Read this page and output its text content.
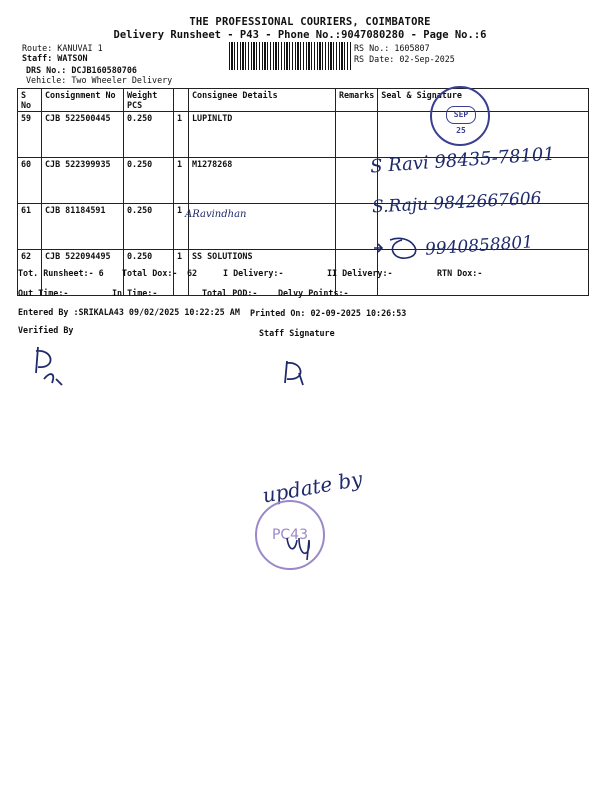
THE PROFESSIONAL COURIERS, COIMBATORE
Delivery Runsheet - P43 - Phone No.:9047080280 - Page No.:6
Route: KANUVAI 1
Staff: WATSON
DRS No.: DCJB160580706
Vehicle: Two Wheeler Delivery
RS No.: 1605807
RS Date: 02-Sep-2025
S No	Consignment No	Weight PCS		Consignee Details	Remarks	Seal & Signature
59	CJB 522500445	0.250	1	LUPINLTD		
60	CJB 522399935	0.250	1	M1278268		
61	CJB 81184591	0.250	1			
62	CJB 522094495	0.250	1	SS SOLUTIONS		
SEP 25
S Ravi 98435-78101
S.Raju 9842667606
ARavindhan
9940858801
Tot. Runsheet:- 6 Total Dox:- 62	I Delivery:-	II Delivery:-	RTN Dox:-
Out Time:-	In Time:-	Total POD:- Delvy Points:-
Entered By :SRIKALA43 09/02/2025 10:22:25 AM Printed On: 02-09-2025 10:26:53
Verified By	Staff Signature
update by
PC43
